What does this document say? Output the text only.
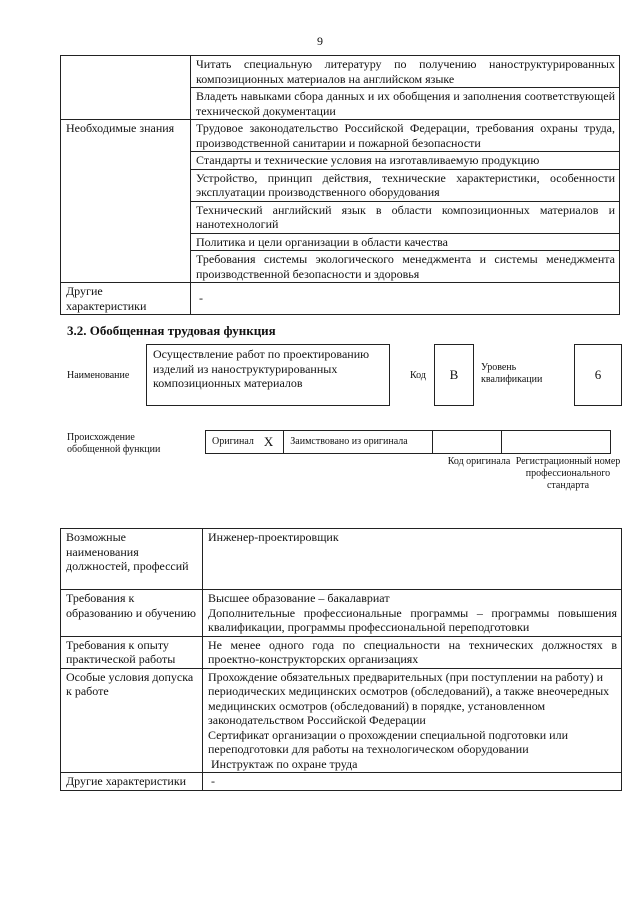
9
	Читать специальную литературу по получению наноструктурированных композиционных материалов на английском языке
	Владеть навыками сбора данных и их обобщения и заполнения соответствующей технической документации
Необходимые знания	Трудовое законодательство Российской Федерации, требования охраны труда, производственной санитарии и пожарной безопасности
	Стандарты и технические условия на изготавливаемую продукцию
	Устройство, принцип действия, технические характеристики, особенности эксплуатации производственного оборудования
	Технический английский язык в области композиционных материалов и нанотехнологий
	Политика и цели организации в области качества
	Требования системы экологического менеджмента и системы менеджмента производственной безопасности и здоровья
Другие характеристики	-
3.2. Обобщенная трудовая функция
Наименование
Осуществление работ по проектированию изделий из наноструктурированных композиционных материалов
Код	B	Уровень квалификации	6
Происхождение обобщенной функции
Оригинал	X	Заимствовано из оригинала		
Код оригинала Регистрационный номер профессионального стандарта
Возможные наименования должностей, профессий	Инженер-проектировщик
Требования к образованию и обучению	Высшее образование – бакалавриат
Дополнительные профессиональные программы – программы повышения квалификации, программы профессиональной переподготовки

Требования к опыту практической работы	Не менее одного года по специальности на технических должностях в проектно-конструкторских организациях
Особые условия допуска к работе	Прохождение обязательных предварительных (при поступлении на работу) и периодических медицинских осмотров (обследований), а также внеочередных медицинских осмотров (обследований) в порядке, установленном законодательством Российской Федерации
Сертификат организации о прохождении специальной подготовки или переподготовки для работы на технологическом оборудовании
Инструктаж по охране труда

Другие характеристики	-
